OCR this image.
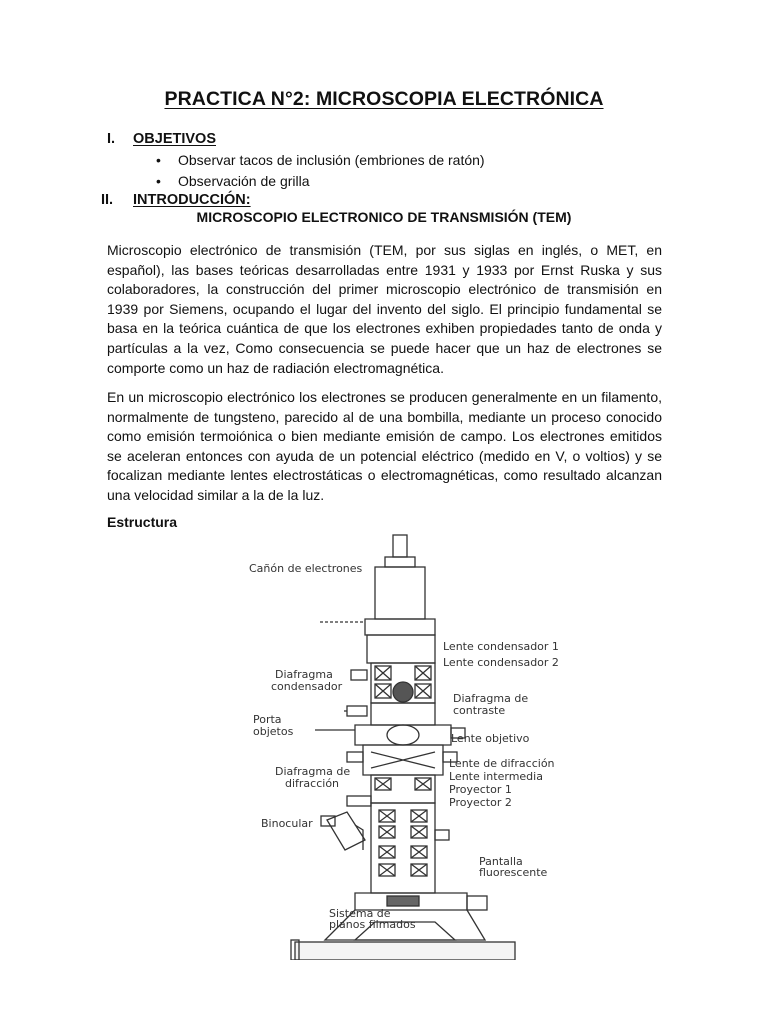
PRACTICA N°2: MICROSCOPIA ELECTRÓNICA
I. OBJETIVOS
• Observar tacos de inclusión (embriones de ratón)
• Observación de grilla
II. INTRODUCCIÓN:
MICROSCOPIO ELECTRONICO DE TRANSMISIÓN (TEM)

Microscopio electrónico de transmisión (TEM, por sus siglas en inglés, o MET, en español), las bases teóricas desarrolladas entre 1931 y 1933 por Ernst Ruska y sus colaboradores, la construcción del primer microscopio electrónico de transmisión en 1939 por Siemens, ocupando el lugar del invento del siglo. El principio fundamental se basa en la teórica cuántica de que los electrones exhiben propiedades tanto de onda y partículas a la vez, Como consecuencia se puede hacer que un haz de electrones se comporte como un haz de radiación electromagnética.

En un microscopio electrónico los electrones se producen generalmente en un filamento, normalmente de tungsteno, parecido al de una bombilla, mediante un proceso conocido como emisión termoiónica o bien mediante emisión de campo. Los electrones emitidos se aceleran entonces con ayuda de un potencial eléctrico (medido en V, o voltios) y se focalizan mediante lentes electrostáticas o electromagnéticas, como resultado alcanzan una velocidad similar a la de la luz.

Estructura
Cañón de electrones
Lente condensador 1
Lente condensador 2
Diafragma
condensador
Diafragma de
contraste
Porta
objetos
Lente objetivo
Diafragma de
difracción
Lente de difracción
Lente intermedia
Proyector 1
Proyector 2
Binocular
Pantalla
fluorescente
Sistema de
planos filmados
